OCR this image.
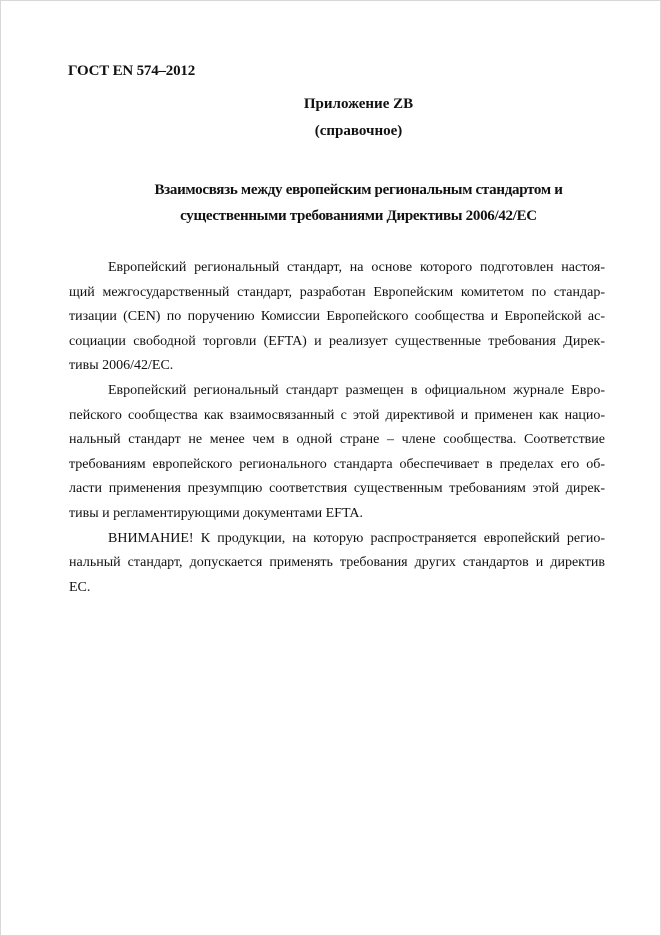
ГОСТ EN 574–2012
Приложение ZB
(справочное)
Взаимосвязь между европейским региональным стандартом и
существенными требованиями Директивы 2006/42/ЕС
Европейский региональный стандарт, на основе которого подготовлен настоя-
щий межгосударственный стандарт, разработан Европейским комитетом по стандар-
тизации (CEN) по поручению Комиссии Европейского сообщества и Европейской ас-
социации свободной торговли (EFTA) и реализует существенные требования Дирек-
тивы 2006/42/ЕС.
Европейский региональный стандарт размещен в официальном журнале Евро-
пейского сообщества как взаимосвязанный с этой директивой и применен как нацио-
нальный стандарт не менее чем в одной стране – члене сообщества. Соответствие
требованиям европейского регионального стандарта обеспечивает в пределах его об-
ласти применения презумпцию соответствия существенным требованиям этой дирек-
тивы и регламентирующими документами EFTA.
ВНИМАНИЕ! К продукции, на которую распространяется европейский регио-
нальный стандарт, допускается применять требования других стандартов и директив
ЕС.
